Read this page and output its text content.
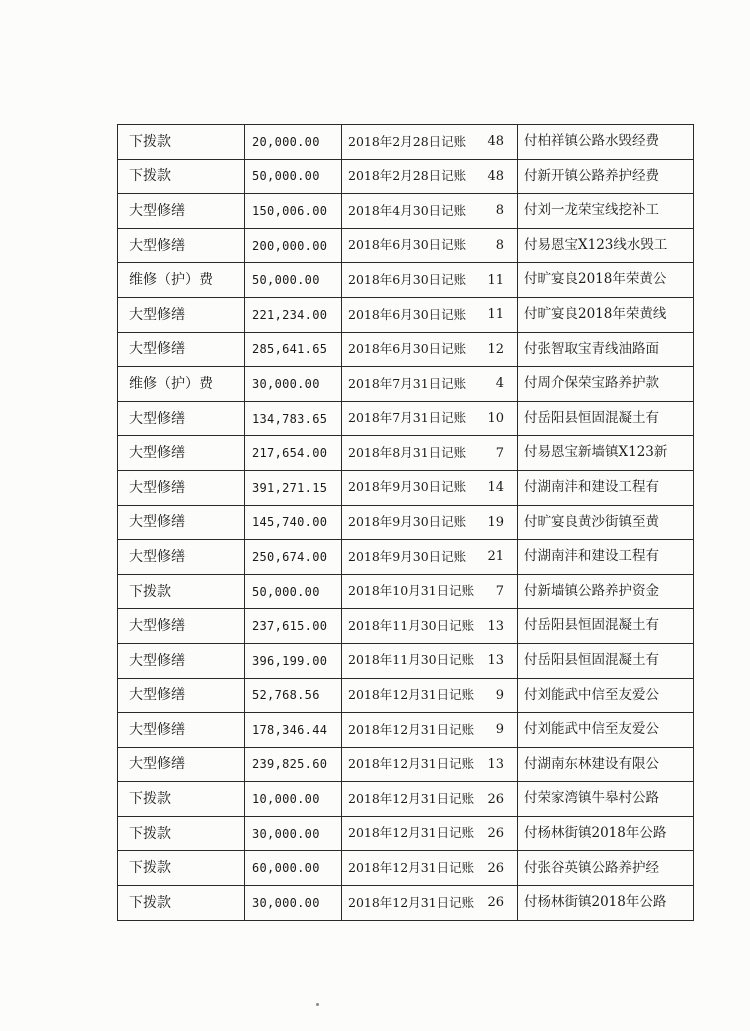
下拨款	20,000.00	2018年2月28日记账	48	付柏祥镇公路水毁经费
下拨款	50,000.00	2018年2月28日记账	48	付新开镇公路养护经费
大型修缮	150,006.00	2018年4月30日记账	8	付刘一龙荣宝线挖补工
大型修缮	200,000.00	2018年6月30日记账	8	付易恩宝X123线水毁工
维修（护）费	50,000.00	2018年6月30日记账	11	付旷宴良2018年荣黄公
大型修缮	221,234.00	2018年6月30日记账	11	付旷宴良2018年荣黄线
大型修缮	285,641.65	2018年6月30日记账	12	付张智取宝青线油路面
维修（护）费	30,000.00	2018年7月31日记账	4	付周介保荣宝路养护款
大型修缮	134,783.65	2018年7月31日记账	10	付岳阳县恒固混凝土有
大型修缮	217,654.00	2018年8月31日记账	7	付易恩宝新墙镇X123新
大型修缮	391,271.15	2018年9月30日记账	14	付湖南沣和建设工程有
大型修缮	145,740.00	2018年9月30日记账	19	付旷宴良黄沙街镇至黄
大型修缮	250,674.00	2018年9月30日记账	21	付湖南沣和建设工程有
下拨款	50,000.00	2018年10月31日记账	7	付新墙镇公路养护资金
大型修缮	237,615.00	2018年11月30日记账	13	付岳阳县恒固混凝土有
大型修缮	396,199.00	2018年11月30日记账	13	付岳阳县恒固混凝土有
大型修缮	52,768.56	2018年12月31日记账	9	付刘能武中信至友爱公
大型修缮	178,346.44	2018年12月31日记账	9	付刘能武中信至友爱公
大型修缮	239,825.60	2018年12月31日记账	13	付湖南东林建设有限公
下拨款	10,000.00	2018年12月31日记账	26	付荣家湾镇牛皋村公路
下拨款	30,000.00	2018年12月31日记账	26	付杨林街镇2018年公路
下拨款	60,000.00	2018年12月31日记账	26	付张谷英镇公路养护经
下拨款	30,000.00	2018年12月31日记账	26	付杨林街镇2018年公路
